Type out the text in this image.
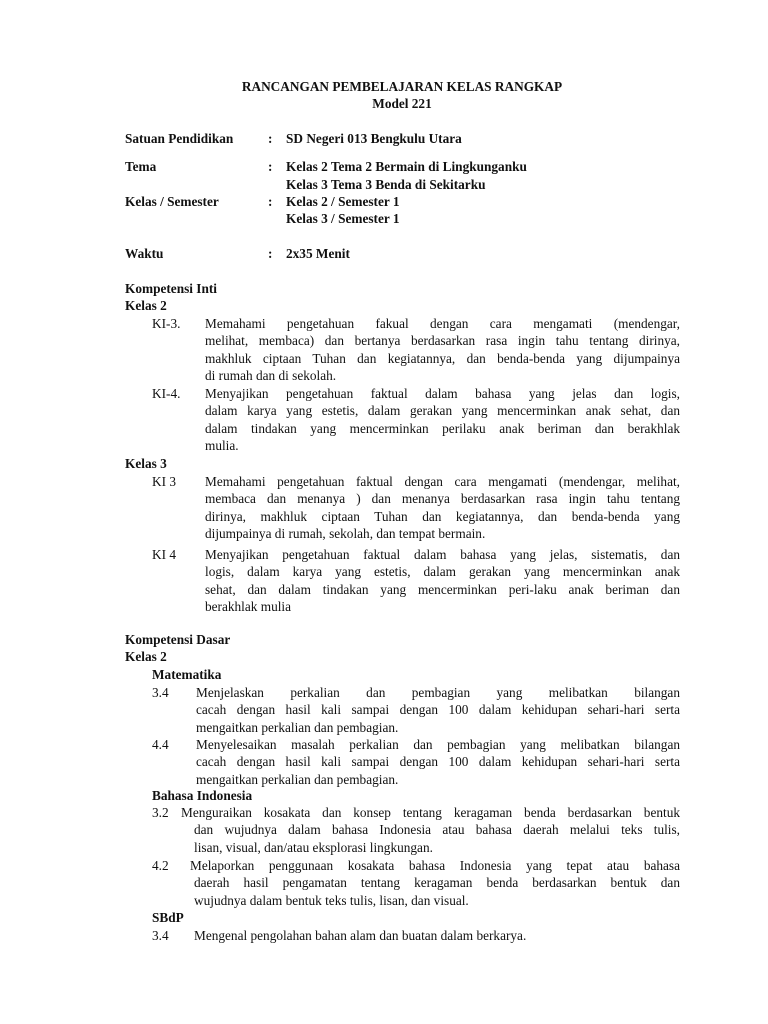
RANCANGAN PEMBELAJARAN KELAS RANGKAP
Model 221
Satuan Pendidikan	: SD Negeri 013 Bengkulu Utara
Tema	: Kelas 2 Tema 2 Bermain di Lingkunganku
Kelas 3 Tema 3 Benda di Sekitarku
Kelas / Semester	: Kelas 2 / Semester 1
Kelas 3 / Semester 1
Waktu	: 2x35 Menit
Kompetensi Inti
Kelas 2
KI-3. Memahami pengetahuan fakual dengan cara mengamati (mendengar,
melihat, membaca) dan bertanya berdasarkan rasa ingin tahu tentang dirinya,
makhluk ciptaan Tuhan dan kegiatannya, dan benda-benda yang dijumpainya
di rumah dan di sekolah.
KI-4. Menyajikan pengetahuan faktual dalam bahasa yang jelas dan logis,
dalam karya yang estetis, dalam gerakan yang mencerminkan anak sehat, dan
dalam tindakan yang mencerminkan perilaku anak beriman dan berakhlak
mulia.
Kelas 3
KI 3 Memahami pengetahuan faktual dengan cara mengamati (mendengar, melihat,
membaca dan menanya ) dan menanya berdasarkan rasa ingin tahu tentang
dirinya, makhluk ciptaan Tuhan dan kegiatannya, dan benda-benda yang
dijumpainya di rumah, sekolah, dan tempat bermain.
KI 4 Menyajikan pengetahuan faktual dalam bahasa yang jelas, sistematis, dan
logis, dalam karya yang estetis, dalam gerakan yang mencerminkan anak
sehat, dan dalam tindakan yang mencerminkan peri-laku anak beriman dan
berakhlak mulia
Kompetensi Dasar
Kelas 2
Matematika
3.4 Menjelaskan perkalian dan pembagian yang melibatkan bilangan
cacah dengan hasil kali sampai dengan 100 dalam kehidupan sehari-hari serta
mengaitkan perkalian dan pembagian.
4.4 Menyelesaikan masalah perkalian dan pembagian yang melibatkan bilangan
cacah dengan hasil kali sampai dengan 100 dalam kehidupan sehari-hari serta
mengaitkan perkalian dan pembagian.
Bahasa Indonesia
3.2 Menguraikan kosakata dan konsep tentang keragaman benda berdasarkan bentuk
dan wujudnya dalam bahasa Indonesia atau bahasa daerah melalui teks tulis,
lisan, visual, dan/atau eksplorasi lingkungan.
4.2 Melaporkan penggunaan kosakata bahasa Indonesia yang tepat atau bahasa
daerah hasil pengamatan tentang keragaman benda berdasarkan bentuk dan
wujudnya dalam bentuk teks tulis, lisan, dan visual.
SBdP
3.4 Mengenal pengolahan bahan alam dan buatan dalam berkarya.
